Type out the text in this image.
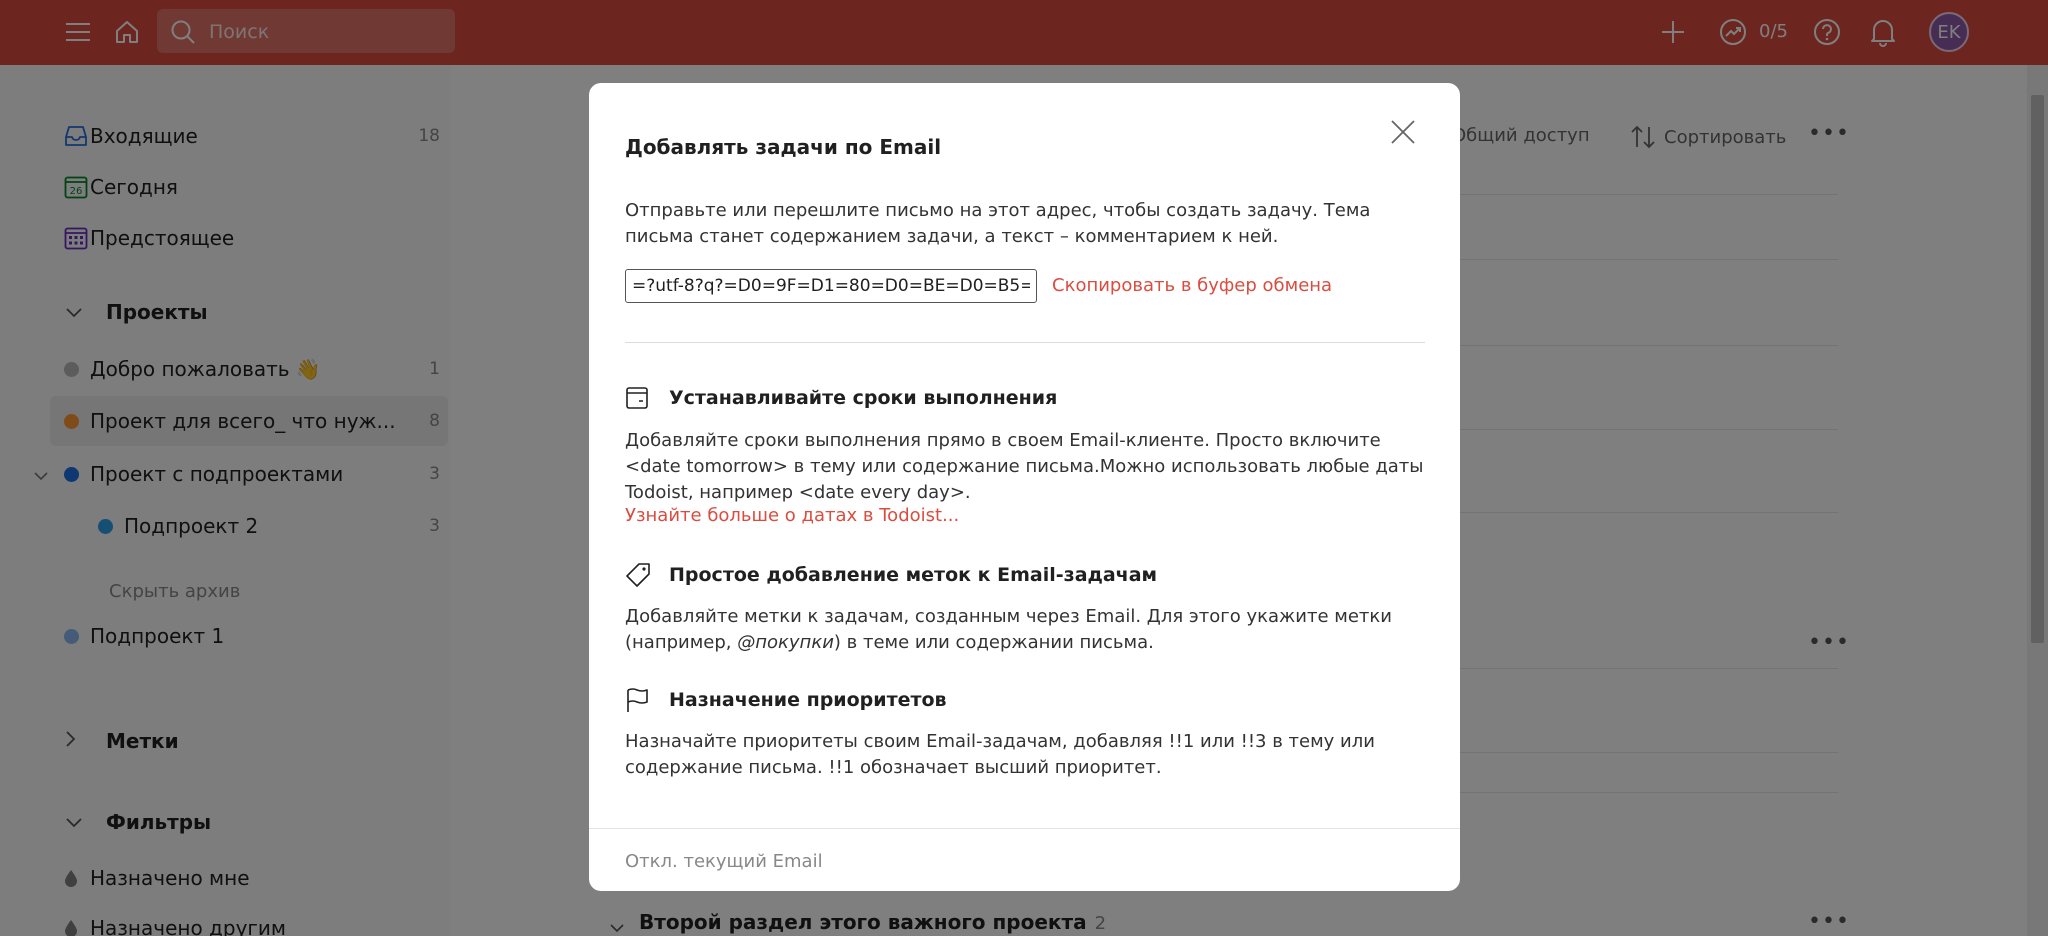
Добавлять задачи по Email
Отправьте или перешлите письмо на этот адрес, чтобы создать задачу. Тема письма станет содержанием задачи, а текст – комментарием к ней.
=?utf-8?q?=D0=9F=D1=80=D0=BE=D0=B5=D0=BA=D1=82
Скопировать в буфер обмена
Устанавливайте сроки выполнения
Добавляйте сроки выполнения прямо в своем Email-клиенте. Просто включите <date tomorrow> в тему или содержание письма.Можно использовать любые даты Todoist, например <date every day>.
Узнайте больше о датах в Todoist...
Простое добавление меток к Email-задачам
Добавляйте метки к задачам, созданным через Email. Для этого укажите метки (например, @покупки) в теме или содержании письма.
Назначение приоритетов
Назначайте приоритеты своим Email-задачам, добавляя !!1 или !!3 в тему или содержание письма. !!1 обозначает высший приоритет.
Откл. текущий Email
